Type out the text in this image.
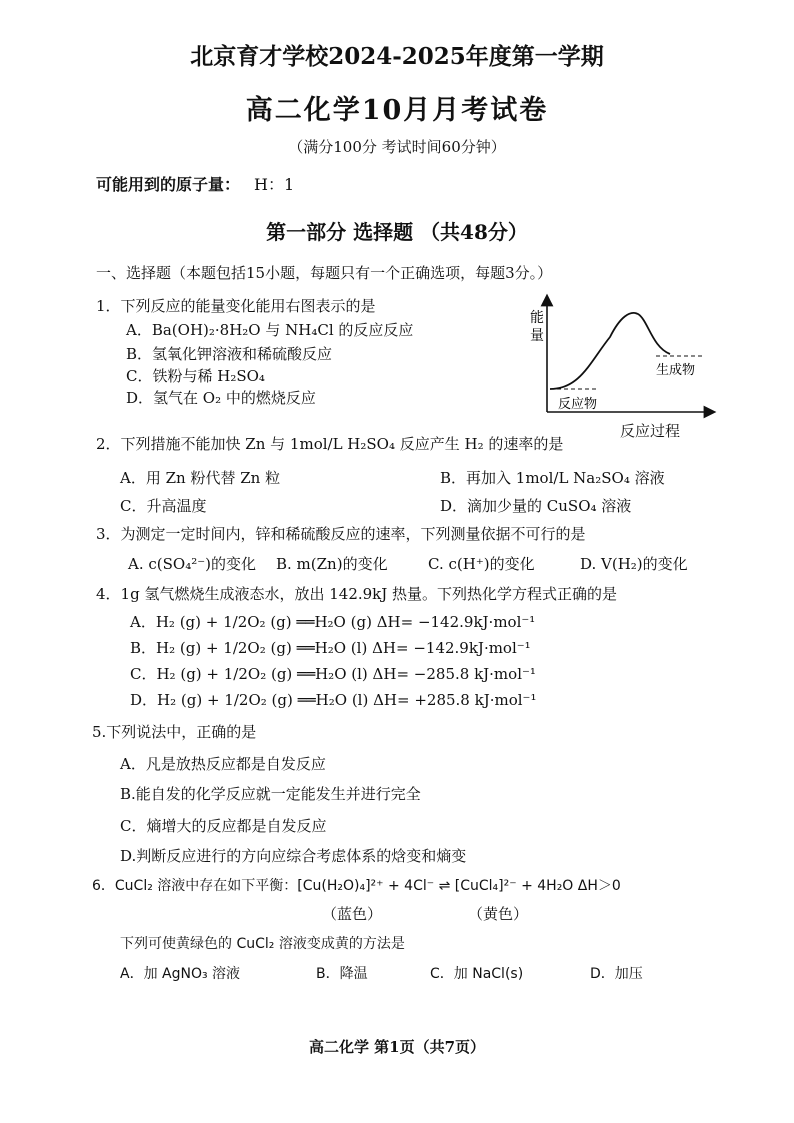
北京育才学校2024-2025年度第一学期
高二化学10月月考试卷
（满分100分 考试时间60分钟）
可能用到的原子量： H：1
第一部分 选择题 （共48分）
一、选择题（本题包括15小题，每题只有一个正确选项，每题3分。）
1．下列反应的能量变化能用右图表示的是
A．Ba(OH)₂·8H₂O 与 NH₄Cl 的反应反应
B．氢氧化钾溶液和稀硫酸反应
C．铁粉与稀 H₂SO₄
D．氢气在 O₂ 中的燃烧反应
能
量
反应物
生成物
反应过程
2．下列措施不能加快 Zn 与 1mol/L H₂SO₄ 反应产生 H₂ 的速率的是
A．用 Zn 粉代替 Zn 粒	B．再加入 1mol/L Na₂SO₄ 溶液
C．升高温度	D．滴加少量的 CuSO₄ 溶液
3．为测定一定时间内，锌和稀硫酸反应的速率，下列测量依据不可行的是
A. c(SO₄²⁻)的变化 B. m(Zn)的变化	C. c(H⁺)的变化	D. V(H₂)的变化
4．1g 氢气燃烧生成液态水，放出 142.9kJ 热量。下列热化学方程式正确的是
A．H₂ (g) + 1/2O₂ (g) ══H₂O (g) ΔH= −142.9kJ·mol⁻¹
B．H₂ (g) + 1/2O₂ (g) ══H₂O (l) ΔH= −142.9kJ·mol⁻¹
C．H₂ (g) + 1/2O₂ (g) ══H₂O (l) ΔH= −285.8 kJ·mol⁻¹
D．H₂ (g) + 1/2O₂ (g) ══H₂O (l) ΔH= +285.8 kJ·mol⁻¹
5.下列说法中，正确的是
A．凡是放热反应都是自发反应
B.能自发的化学反应就一定能发生并进行完全
C．熵增大的反应都是自发反应
D.判断反应进行的方向应综合考虑体系的焓变和熵变
6．CuCl₂ 溶液中存在如下平衡：[Cu(H₂O)₄]²⁺ + 4Cl⁻ ⇌ [CuCl₄]²⁻ + 4H₂O ΔH＞0
（蓝色）	（黄色）
下列可使黄绿色的 CuCl₂ 溶液变成黄的方法是
A．加 AgNO₃ 溶液	B．降温	C．加 NaCl(s)	D．加压
高二化学 第1页（共7页）
